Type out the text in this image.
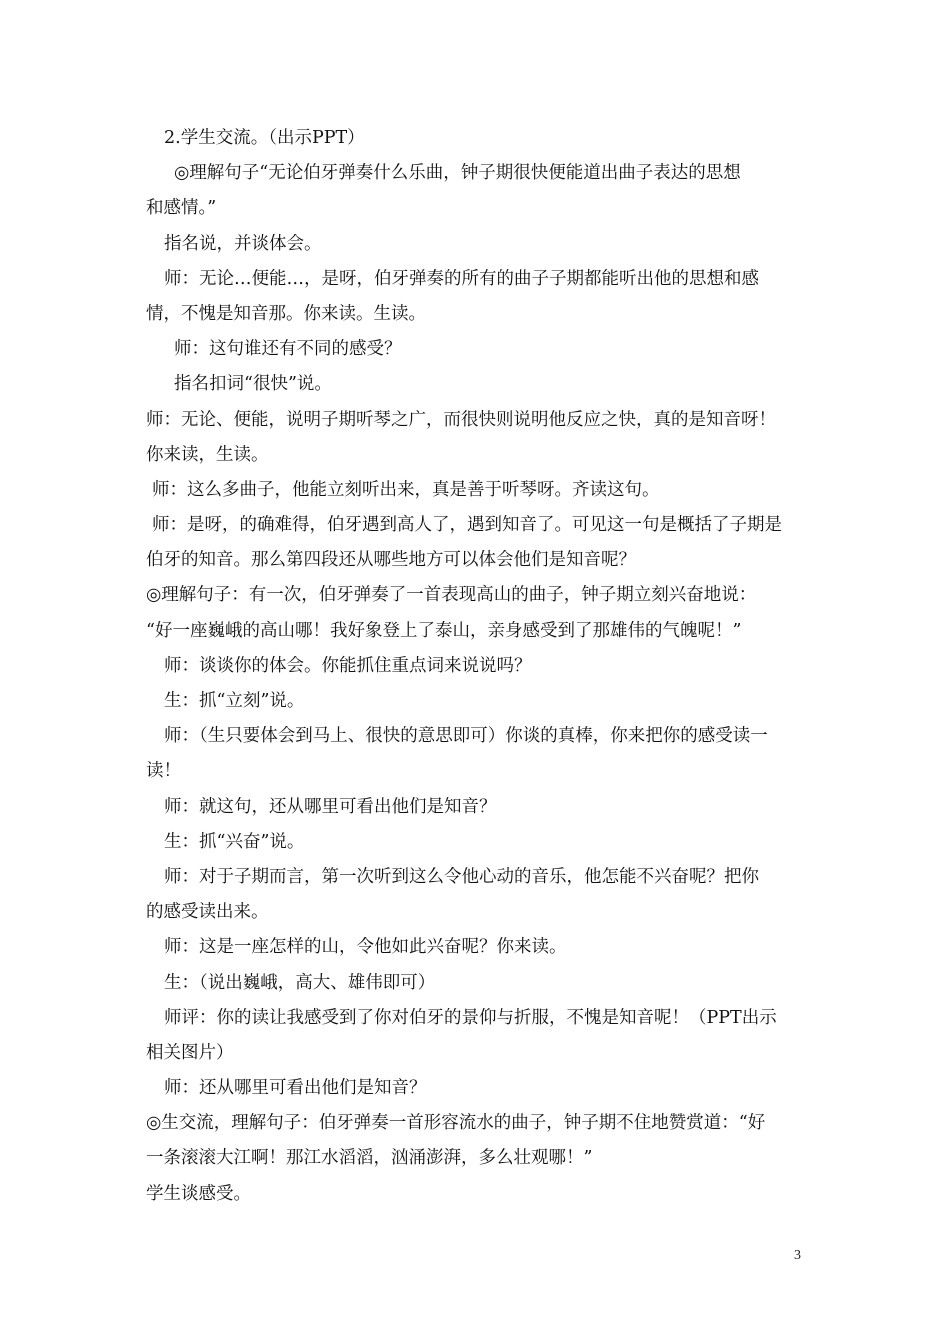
2.学生交流。（出示PPT）
◎理解句子“无论伯牙弹奏什么乐曲，钟子期很快便能道出曲子表达的思想
和感情。”
指名说，并谈体会。
师：无论…便能…，是呀，伯牙弹奏的所有的曲子子期都能听出他的思想和感
情，不愧是知音那。你来读。生读。
师：这句谁还有不同的感受？
指名扣词“很快”说。
师：无论、便能，说明子期听琴之广，而很快则说明他反应之快，真的是知音呀！
你来读，生读。
师：这么多曲子，他能立刻听出来，真是善于听琴呀。齐读这句。
师：是呀，的确难得，伯牙遇到高人了，遇到知音了。可见这一句是概括了子期是
伯牙的知音。那么第四段还从哪些地方可以体会他们是知音呢？
◎理解句子：有一次，伯牙弹奏了一首表现高山的曲子，钟子期立刻兴奋地说：
“好一座巍峨的高山哪！我好象登上了泰山，亲身感受到了那雄伟的气魄呢！”
师：谈谈你的体会。你能抓住重点词来说说吗？
生：抓“立刻”说。
师：（生只要体会到马上、很快的意思即可）你谈的真棒，你来把你的感受读一
读！
师：就这句，还从哪里可看出他们是知音？
生：抓“兴奋”说。
师：对于子期而言，第一次听到这么令他心动的音乐，他怎能不兴奋呢？把你
的感受读出来。
师：这是一座怎样的山，令他如此兴奋呢？你来读。
生：（说出巍峨，高大、雄伟即可）
师评：你的读让我感受到了你对伯牙的景仰与折服，不愧是知音呢！（PPT出示
相关图片）
师：还从哪里可看出他们是知音？
◎生交流，理解句子：伯牙弹奏一首形容流水的曲子，钟子期不住地赞赏道：“好
一条滚滚大江啊！那江水滔滔，汹涌澎湃，多么壮观哪！”
学生谈感受。
3
